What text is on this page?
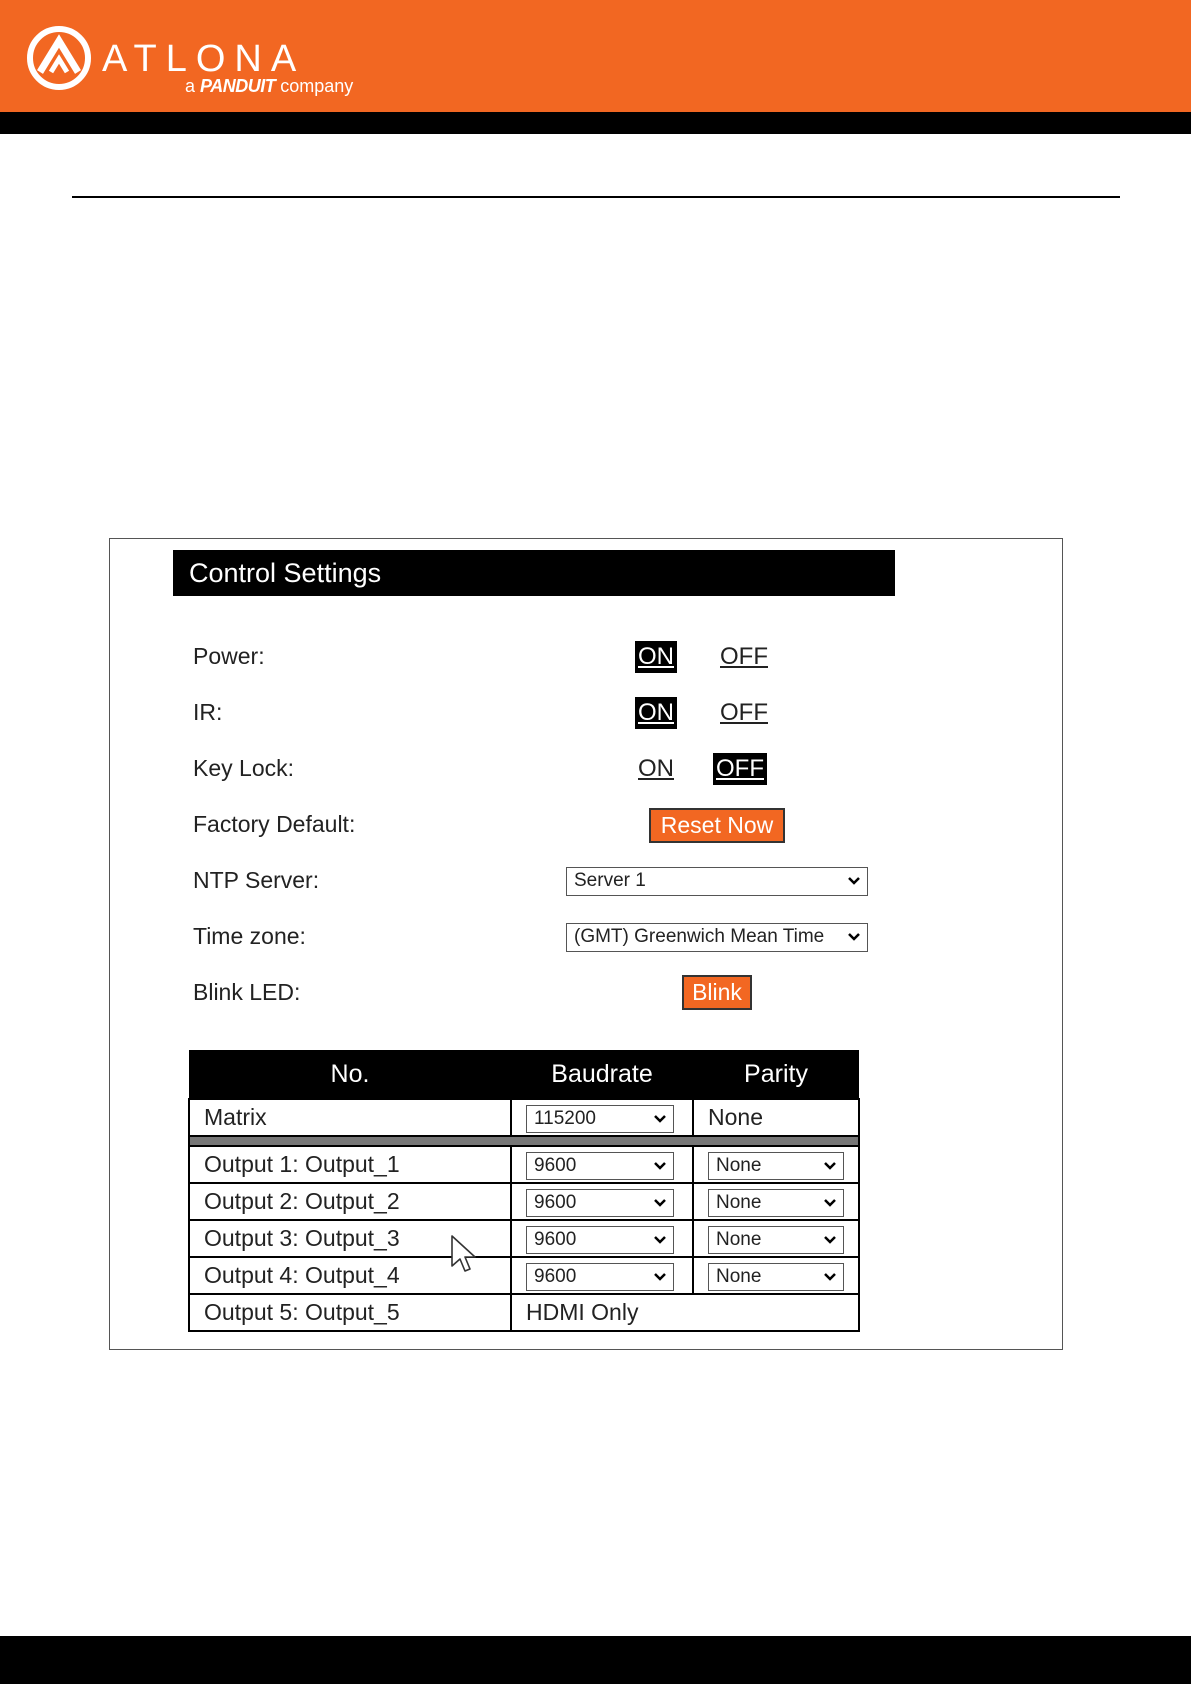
ATLONA
a PANDUIT company
Control Settings
Power:	ON OFF
IR:	ON OFF
Key Lock:	ON OFF
Factory Default:	Reset Now
NTP Server:	Server 1
Time zone:	(GMT) Greenwich Mean Time
Blink LED:	Blink
No.	Baudrate	Parity
Matrix	115200	None

Output 1: Output_1	9600	None

Output 2: Output_2	9600	None

Output 3: Output_3	9600	None

Output 4: Output_4	9600	None

Output 5: Output_5	HDMI Only	
